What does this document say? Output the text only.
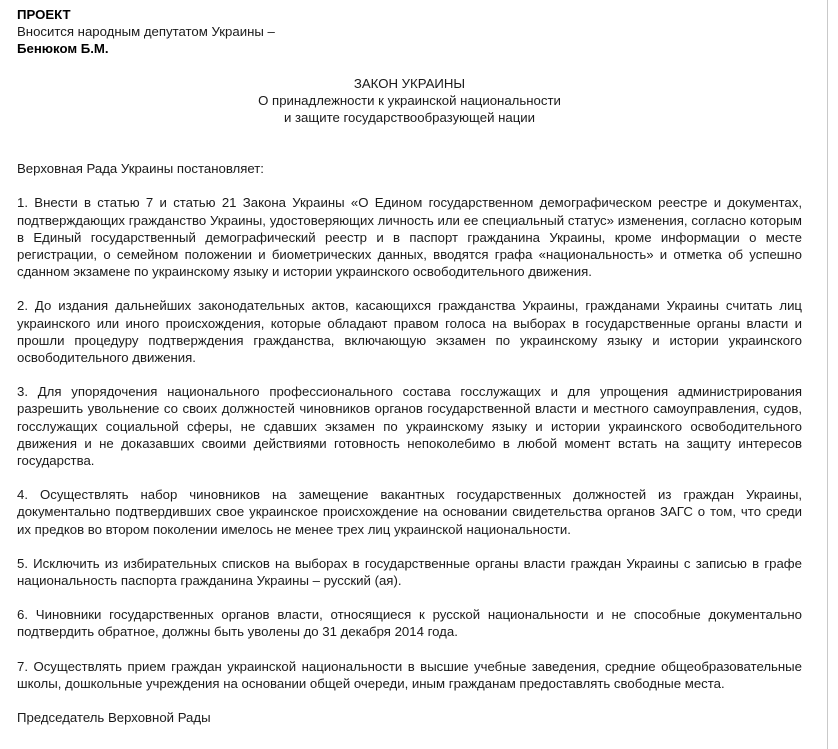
ПРОЕКТ

Вносится народным депутатом Украины –

Бенюком Б.М.

ЗАКОН УКРАИНЫ

О принадлежности к украинской национальности

и защите государствообразующей нации

Верховная Рада Украины постановляет:

1. Внести в статью 7 и статью 21 Закона Украины «О Едином государственном демографическом реестре и документах, подтверждающих гражданство Украины, удостоверяющих личность или ее специальный статус» изменения, согласно которым в Единый государственный демографический реестр и в паспорт гражданина Украины, кроме информации о месте регистрации, о семейном положении и биометрических данных, вводятся графа «национальность» и отметка об успешно сданном экзамене по украинскому языку и истории украинского освободительного движения.

2. До издания дальнейших законодательных актов, касающихся гражданства Украины, гражданами Украины считать лиц украинского или иного происхождения, которые обладают правом голоса на выборах в государственные органы власти и прошли процедуру подтверждения гражданства, включающую экзамен по украинскому языку и истории украинского освободительного движения.

3. Для упорядочения национального профессионального состава госслужащих и для упрощения администрирования разрешить увольнение со своих должностей чиновников органов государственной власти и местного самоуправления, судов, госслужащих социальной сферы, не сдавших экзамен по украинскому языку и истории украинского освободительного движения и не доказавших своими действиями готовность непоколебимо в любой момент встать на защиту интересов государства.

4. Осуществлять набор чиновников на замещение вакантных государственных должностей из граждан Украины, документально подтвердивших свое украинское происхождение на основании свидетельства органов ЗАГС о том, что среди их предков во втором поколении имелось не менее трех лиц украинской национальности.

5. Исключить из избирательных списков на выборах в государственные органы власти граждан Украины с записью в графе национальность паспорта гражданина Украины – русский (ая).

6. Чиновники государственных органов власти, относящиеся к русской национальности и не способные документально подтвердить обратное, должны быть уволены до 31 декабря 2014 года.

7. Осуществлять прием граждан украинской национальности в высшие учебные заведения, средние общеобразовательные школы, дошкольные учреждения на основании общей очереди, иным гражданам предоставлять свободные места.

Председатель Верховной Рады
